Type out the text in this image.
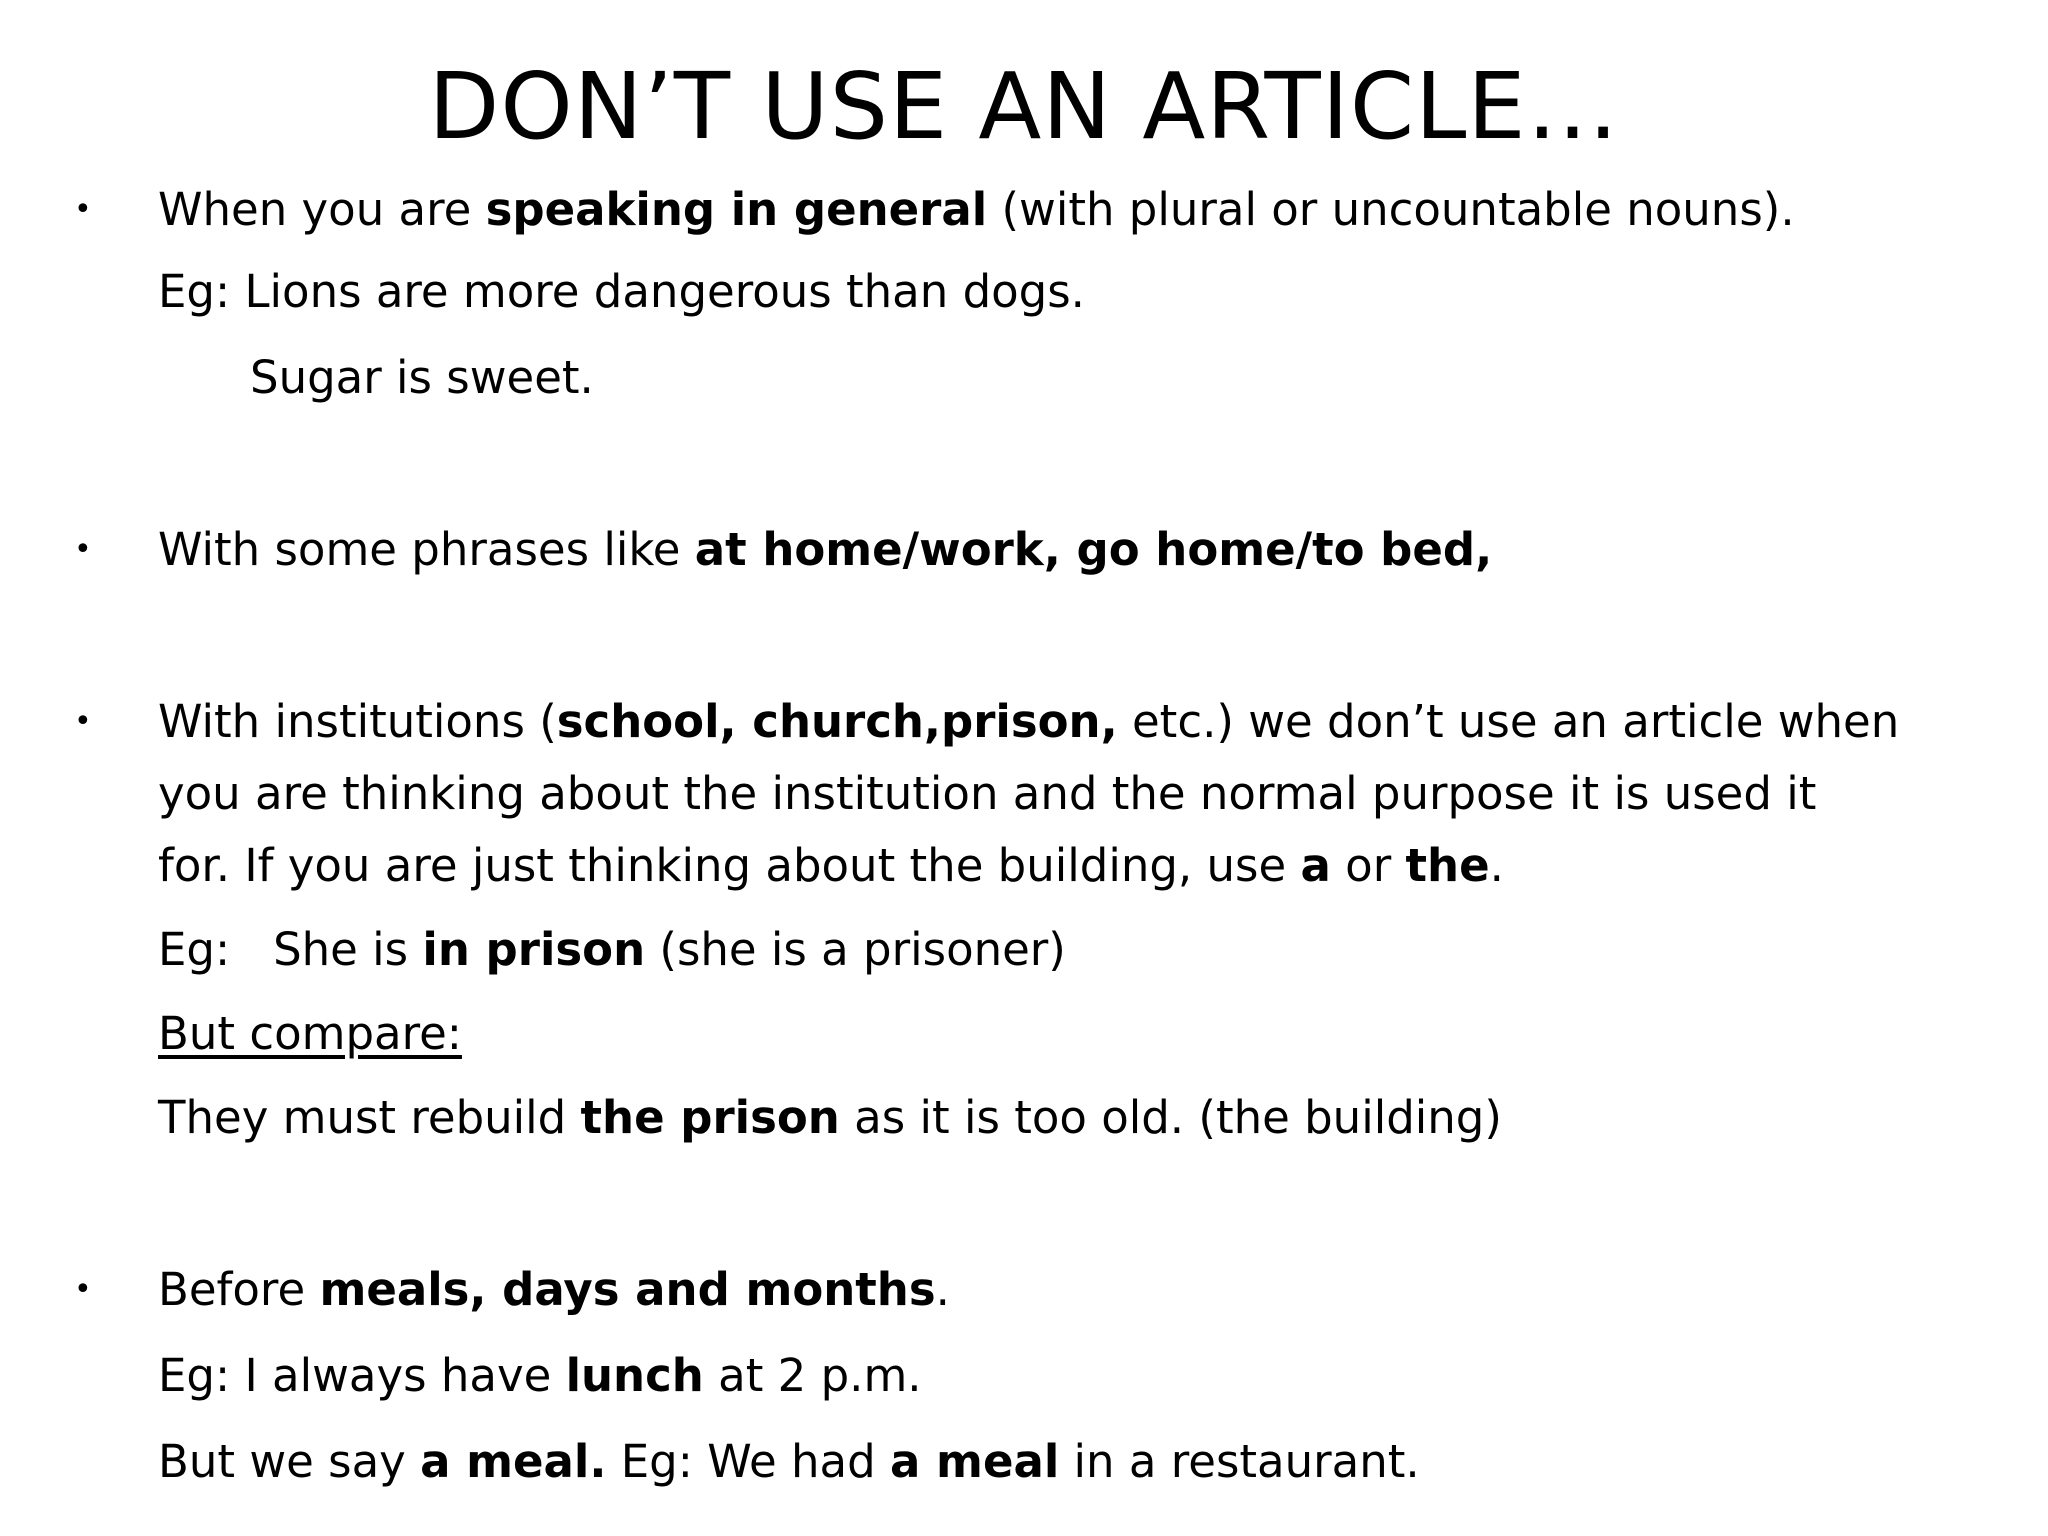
DON’T USE AN ARTICLE…
• When you are speaking in general (with plural or uncountable nouns).
Eg: Lions are more dangerous than dogs.
Sugar is sweet.
• With some phrases like at home/work, go home/to bed,
• With institutions (school, church,prison, etc.) we don’t use an article when
you are thinking about the institution and the normal purpose it is used it
for. If you are just thinking about the building, use a or the.
Eg:   She is in prison (she is a prisoner)
But compare:
They must rebuild the prison as it is too old. (the building)
• Before meals, days and months.
Eg: I always have lunch at 2 p.m.
But we say a meal. Eg: We had a meal in a restaurant.
